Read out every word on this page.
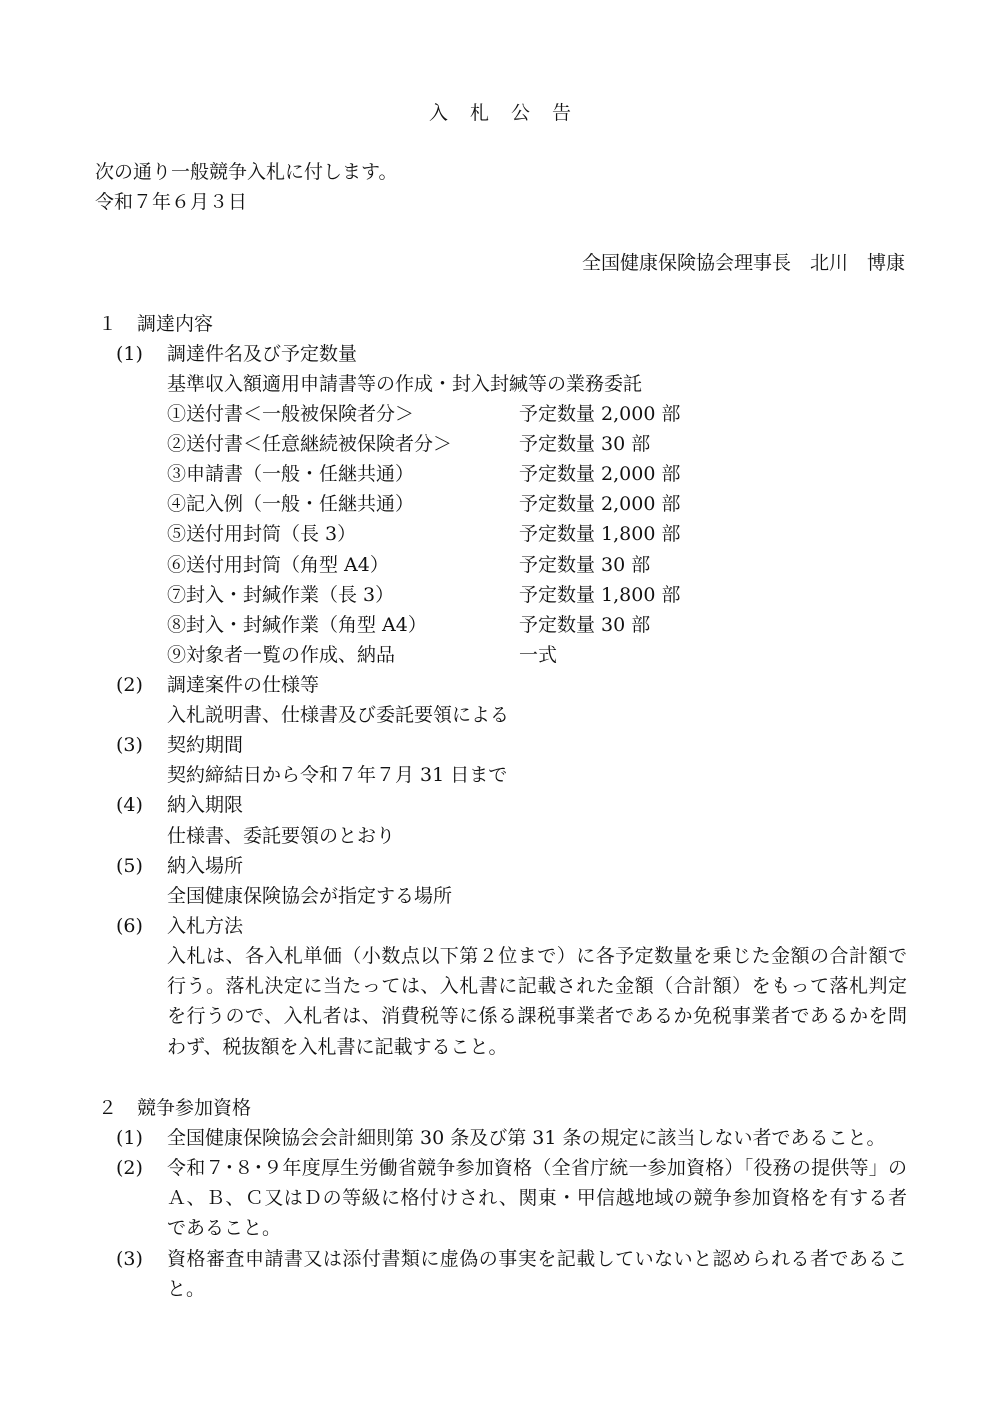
入札公告
次の通り一般競争入札に付します。
令和７年６月３日
全国健康保険協会理事長　北川　博康
１ 調達内容
(1) 調達件名及び予定数量
基準収入額適用申請書等の作成・封入封緘等の業務委託
①送付書＜一般被保険者分＞	予定数量 2,000 部
②送付書＜任意継続被保険者分＞	予定数量 30 部
③申請書（一般・任継共通）	予定数量 2,000 部
④記入例（一般・任継共通）	予定数量 2,000 部
⑤送付用封筒（長 3）	予定数量 1,800 部
⑥送付用封筒（角型 A4）	予定数量 30 部
⑦封入・封緘作業（長 3）	予定数量 1,800 部
⑧封入・封緘作業（角型 A4）	予定数量 30 部
⑨対象者一覧の作成、納品	一式
(2) 調達案件の仕様等
入札説明書、仕様書及び委託要領による
(3) 契約期間
契約締結日から令和７年７月 31 日まで
(4) 納入期限
仕様書、委託要領のとおり
(5) 納入場所
全国健康保険協会が指定する場所
(6) 入札方法
入札は、各入札単価（小数点以下第２位まで）に各予定数量を乗じた金額の合計額で行う。落札決定に当たっては、入札書に記載された金額（合計額）をもって落札判定を行うので、入札者は、消費税等に係る課税事業者であるか免税事業者であるかを問わず、税抜額を入札書に記載すること。
２ 競争参加資格
(1) 全国健康保険協会会計細則第 30 条及び第 31 条の規定に該当しない者であること。
(2) 令和７･８･９年度厚生労働省競争参加資格（全省庁統一参加資格）「役務の提供等」のＡ、Ｂ、Ｃ又はＤの等級に格付けされ、関東・甲信越地域の競争参加資格を有する者であること。
(3) 資格審査申請書又は添付書類に虚偽の事実を記載していないと認められる者であること。
